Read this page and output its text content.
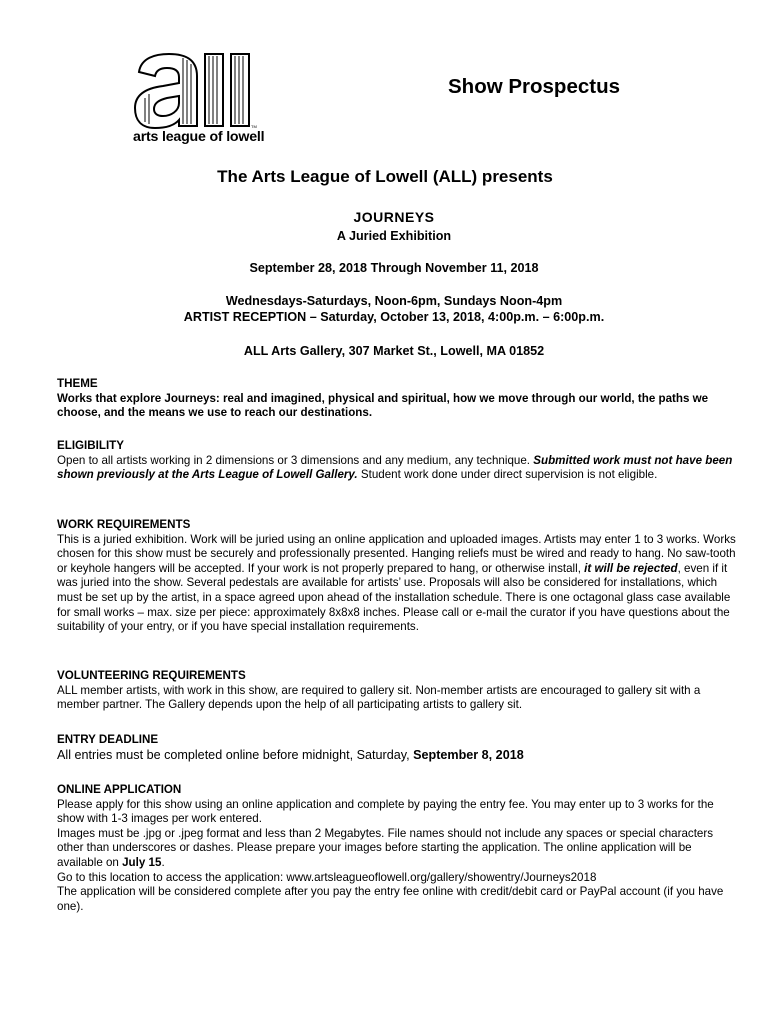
TM
arts league of lowell
Show Prospectus
The Arts League of Lowell (ALL) presents
JOURNEYS
A Juried Exhibition
September 28, 2018 Through November 11, 2018
Wednesdays-Saturdays, Noon-6pm, Sundays Noon-4pm
ARTIST RECEPTION – Saturday, October 13, 2018, 4:00p.m. – 6:00p.m.
ALL Arts Gallery, 307 Market St., Lowell, MA 01852
THEME

Works that explore Journeys: real and imagined, physical and spiritual, how we move through our world, the paths we choose, and the means we use to reach our destinations.

ELIGIBILITY

Open to all artists working in 2 dimensions or 3 dimensions and any medium, any technique. Submitted work must not have been shown previously at the Arts League of Lowell Gallery. Student work done under direct supervision is not eligible.

WORK REQUIREMENTS

This is a juried exhibition. Work will be juried using an online application and uploaded images. Artists may enter 1 to 3 works. Works chosen for this show must be securely and professionally presented. Hanging reliefs must be wired and ready to hang. No saw-tooth or keyhole hangers will be accepted. If your work is not properly prepared to hang, or otherwise install, it will be rejected, even if it was juried into the show. Several pedestals are available for artists’ use. Proposals will also be considered for installations, which must be set up by the artist, in a space agreed upon ahead of the installation schedule. There is one octagonal glass case available for small works – max. size per piece: approximately 8x8x8 inches. Please call or e-mail the curator if you have questions about the suitability of your entry, or if you have special installation requirements.

VOLUNTEERING REQUIREMENTS

ALL member artists, with work in this show, are required to gallery sit. Non-member artists are encouraged to gallery sit with a member partner. The Gallery depends upon the help of all participating artists to gallery sit.

ENTRY DEADLINE

All entries must be completed online before midnight, Saturday, September 8, 2018

ONLINE APPLICATION

Please apply for this show using an online application and complete by paying the entry fee. You may enter up to 3 works for the show with 1-3 images per work entered.

Images must be .jpg or .jpeg format and less than 2 Megabytes. File names should not include any spaces or special characters other than underscores or dashes. Please prepare your images before starting the application. The online application will be available on July 15.

Go to this location to access the application: www.artsleagueoflowell.org/gallery/showentry/Journeys2018

The application will be considered complete after you pay the entry fee online with credit/debit card or PayPal account (if you have one).
